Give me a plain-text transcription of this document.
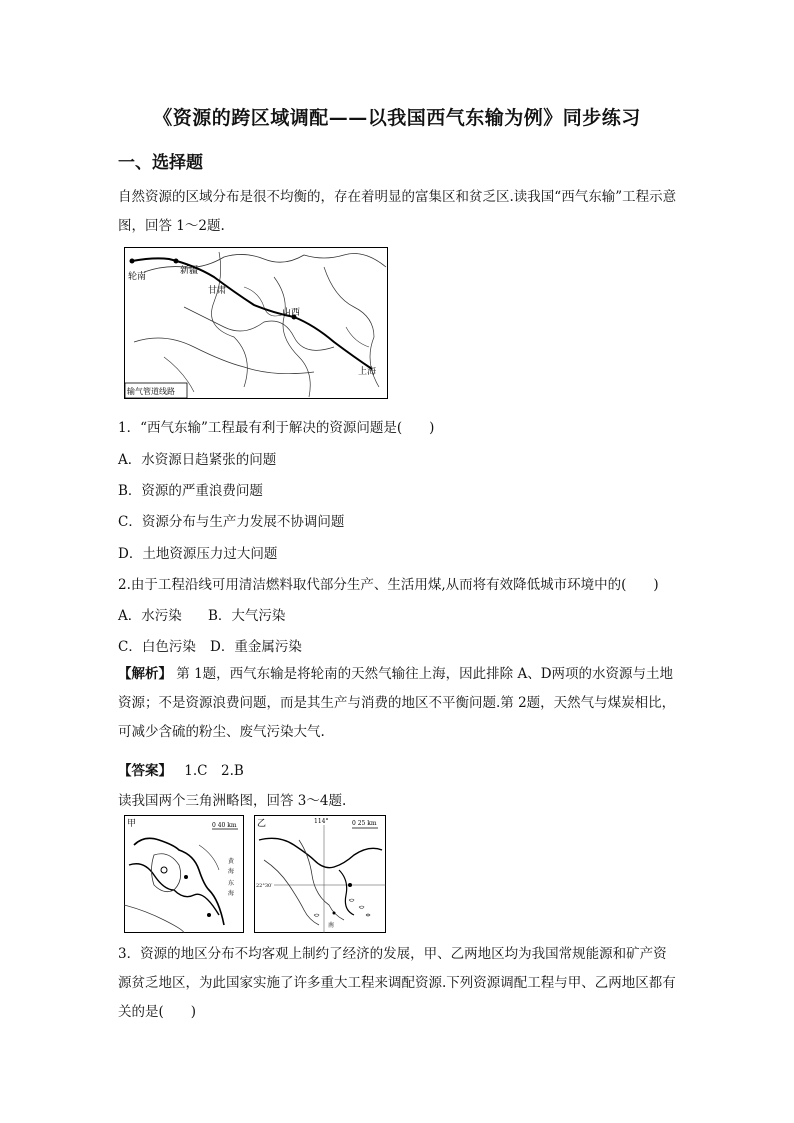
《资源的跨区域调配——以我国西气东输为例》同步练习
一、选择题
自然资源的区域分布是很不均衡的，存在着明显的富集区和贫乏区.读我国“西气东输”工程示意图，回答 1～2题.
轮南
新疆
甘肃
山西
上海
输气管道线路
1．“西气东输”工程最有利于解决的资源问题是(　　)
A．水资源日趋紧张的问题
B．资源的严重浪费问题
C．资源分布与生产力发展不协调问题
D．土地资源压力过大问题
2.由于工程沿线可用清洁燃料取代部分生产、生活用煤,从而将有效降低城市环境中的(　　)
A．水污染 B．大气污染
C．白色污染 D．重金属污染
【解析】 第 1题，西气东输是将轮南的天然气输往上海，因此排除 A、D两项的水资源与土地资源；不是资源浪费问题，而是其生产与消费的地区不平衡问题.第 2题，天然气与煤炭相比，可减少含硫的粉尘、废气污染大气.
【答案】 1.C　2.B
读我国两个三角洲略图，回答 3～4题.
甲	0 40 km
黄
海
东
海
乙	114°	0 25 km
22°30′
南
3．资源的地区分布不均客观上制约了经济的发展，甲、乙两地区均为我国常规能源和矿产资源贫乏地区，为此国家实施了许多重大工程来调配资源.下列资源调配工程与甲、乙两地区都有关的是(　　)
